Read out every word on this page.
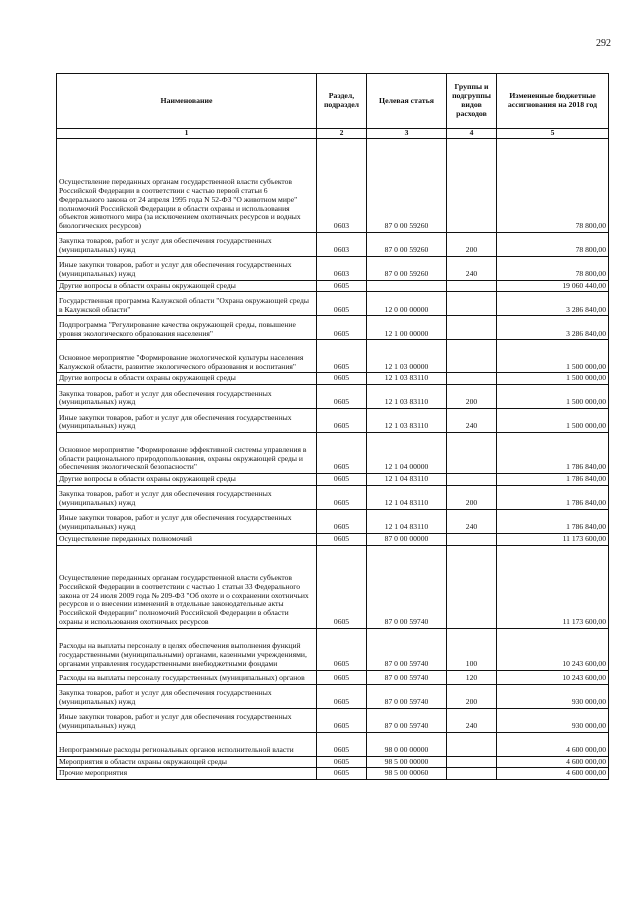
292
Наименование	Раздел, подраздел	Целевая статья	Группы и подгруппы видов расходов	Измененные бюджетные ассигнования на 2018 год
1	2	3	4	5
Осуществление переданных органам государственной власти субъектов Российской Федерации в соответствии с частью первой статьи 6 Федерального закона от 24 апреля 1995 года N 52-ФЗ "О животном мире" полномочий Российской Федерации в области охраны и использования объектов животного мира (за исключением охотничьих ресурсов и водных биологических ресурсов)	0603	87 0 00 59260		78 800,00
Закупка товаров, работ и услуг для обеспечения государственных (муниципальных) нужд	0603	87 0 00 59260	200	78 800,00
Иные закупки товаров, работ и услуг для обеспечения государственных (муниципальных) нужд	0603	87 0 00 59260	240	78 800,00
Другие вопросы в области охраны окружающей среды	0605			19 060 440,00
Государственная программа Калужской области "Охрана окружающей среды в Калужской области"	0605	12 0 00 00000		3 286 840,00
Подпрограмма "Регулирование качества окружающей среды, повышение уровня экологического образования населения"	0605	12 1 00 00000		3 286 840,00
Основное мероприятие "Формирование экологической культуры населения Калужской области, развитие экологического образования и воспитания"	0605	12 1 03 00000		1 500 000,00
Другие вопросы в области охраны окружающей среды	0605	12 1 03 83110		1 500 000,00
Закупка товаров, работ и услуг для обеспечения государственных (муниципальных) нужд	0605	12 1 03 83110	200	1 500 000,00
Иные закупки товаров, работ и услуг для обеспечения государственных (муниципальных) нужд	0605	12 1 03 83110	240	1 500 000,00
Основное мероприятие "Формирование эффективной системы управления в области рационального природопользования, охраны окружающей среды и обеспечения экологической безопасности"	0605	12 1 04 00000		1 786 840,00
Другие вопросы в области охраны окружающей среды	0605	12 1 04 83110		1 786 840,00
Закупка товаров, работ и услуг для обеспечения государственных (муниципальных) нужд	0605	12 1 04 83110	200	1 786 840,00
Иные закупки товаров, работ и услуг для обеспечения государственных (муниципальных) нужд	0605	12 1 04 83110	240	1 786 840,00
Осуществление переданных полномочий	0605	87 0 00 00000		11 173 600,00
Осуществление переданных органам государственной власти субъектов Российской Федерации в соответствии с частью 1 статьи 33 Федерального закона от 24 июля 2009 года № 209-ФЗ "Об охоте и о сохранении охотничьих ресурсов и о внесении изменений в отдельные законодательные акты Российской Федерации" полномочий Российской Федерации в области охраны и использования охотничьих ресурсов	0605	87 0 00 59740		11 173 600,00
Расходы на выплаты персоналу в целях обеспечения выполнения функций государственными (муниципальными) органами, казенными учреждениями, органами управления государственными внебюджетными фондами	0605	87 0 00 59740	100	10 243 600,00
Расходы на выплаты персоналу государственных (муниципальных) органов	0605	87 0 00 59740	120	10 243 600,00
Закупка товаров, работ и услуг для обеспечения государственных (муниципальных) нужд	0605	87 0 00 59740	200	930 000,00
Иные закупки товаров, работ и услуг для обеспечения государственных (муниципальных) нужд	0605	87 0 00 59740	240	930 000,00
Непрограммные расходы региональных органов исполнительной власти	0605	98 0 00 00000		4 600 000,00
Мероприятия в области охраны окружающей среды	0605	98 5 00 00000		4 600 000,00
Прочие мероприятия	0605	98 5 00 00060		4 600 000,00
